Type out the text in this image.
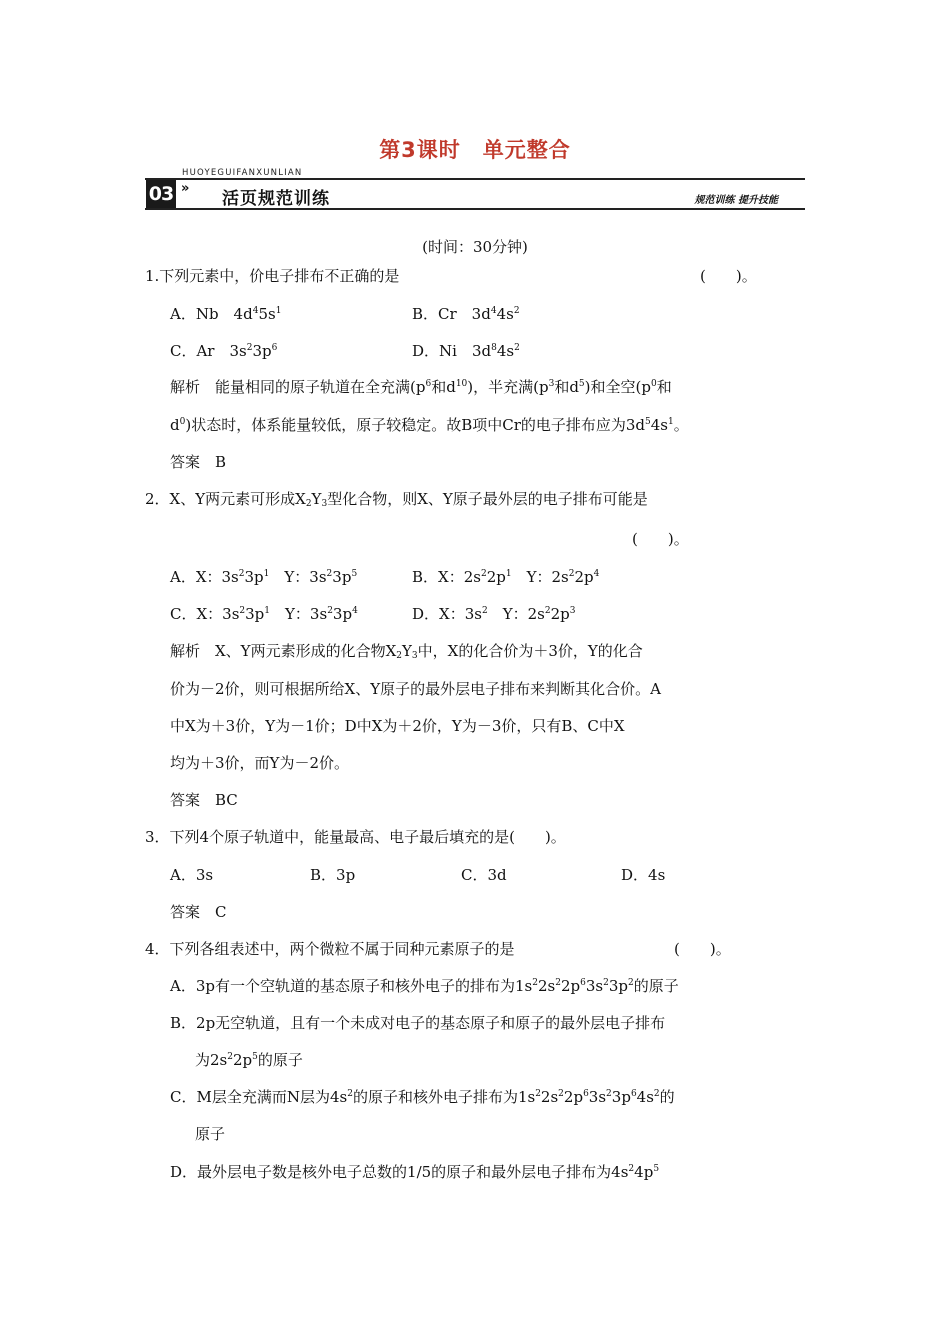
第3课时　单元整合
HUOYEGUIFANXUNLIAN
03 »
活页规范训练	规范训练 提升技能
(时间：30分钟)
1.下列元素中，价电子排布不正确的是	(　　)。
A．Nb　$4d^45s^1$	B．Cr　$3d^44s^2$
C．Ar　$3s^23p^6$	D．Ni　$3d^84s^2$
解析　能量相同的原子轨道在全充满($p^6$和$d^{10}$)，半充满($p^3$和$d^5$)和全空($p^0$和
$d^0$)状态时，体系能量较低，原子较稳定。故B项中Cr的电子排布应为$3d^54s^1$。
答案　B
2．X、Y两元素可形成$X_2Y_3$型化合物，则X、Y原子最外层的电子排布可能是
(　　)。
A．X：$3s^23p^1$　Y：$3s^23p^5$	B．X：$2s^22p^1$　Y：$2s^22p^4$
C．X：$3s^23p^1$　Y：$3s^23p^4$	D．X：$3s^2$　Y：$2s^22p^3$
解析　X、Y两元素形成的化合物$X_2Y_3$中，X的化合价为＋3价，Y的化合
价为－2价，则可根据所给X、Y原子的最外层电子排布来判断其化合价。A
中X为＋3价，Y为－1价；D中X为＋2价，Y为－3价，只有B、C中X
均为＋3价，而Y为－2价。
答案　BC
3．下列4个原子轨道中，能量最高、电子最后填充的是(　　)。
A．3s	B．3p	C．3d	D．4s
答案　C
4．下列各组表述中，两个微粒不属于同种元素原子的是	(　　)。
A．3p有一个空轨道的基态原子和核外电子的排布为$1s^22s^22p^63s^23p^2$的原子
B．2p无空轨道，且有一个未成对电子的基态原子和原子的最外层电子排布
为$2s^22p^5$的原子
C．M层全充满而N层为$4s^2$的原子和核外电子排布为$1s^22s^22p^63s^23p^64s^2$的
原子
D．最外层电子数是核外电子总数的1/5的原子和最外层电子排布为$4s^24p^5$
